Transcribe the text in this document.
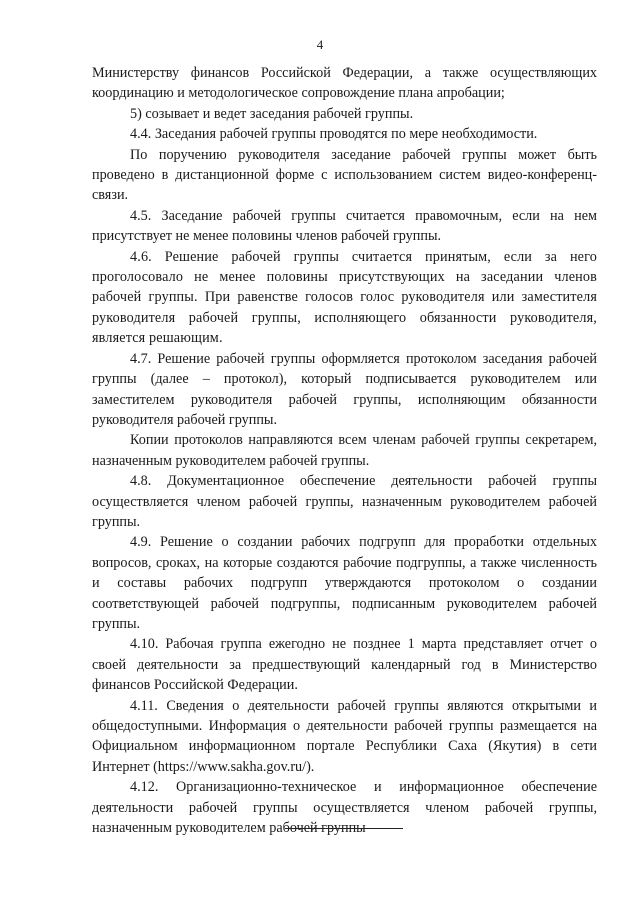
4

Министерству финансов Российской Федерации, а также осуществляющих координацию и методологическое сопровождение плана апробации;

5) созывает и ведет заседания рабочей группы.

4.4. Заседания рабочей группы проводятся по мере необходимости.

По поручению руководителя заседание рабочей группы может быть проведено в дистанционной форме с использованием систем видео-конференц-связи.

4.5. Заседание рабочей группы считается правомочным, если на нем присутствует не менее половины членов рабочей группы.

4.6. Решение рабочей группы считается принятым, если за него проголосовало не менее половины присутствующих на заседании членов рабочей группы. При равенстве голосов голос руководителя или заместителя руководителя рабочей группы, исполняющего обязанности руководителя, является решающим.

4.7. Решение рабочей группы оформляется протоколом заседания рабочей группы (далее – протокол), который подписывается руководителем или заместителем руководителя рабочей группы, исполняющим обязанности руководителя рабочей группы.

Копии протоколов направляются всем членам рабочей группы секретарем, назначенным руководителем рабочей группы.

4.8. Документационное обеспечение деятельности рабочей группы осуществляется членом рабочей группы, назначенным руководителем рабочей группы.

4.9. Решение о создании рабочих подгрупп для проработки отдельных вопросов, сроках, на которые создаются рабочие подгруппы, а также численность и составы рабочих подгрупп утверждаются протоколом о создании соответствующей рабочей подгруппы, подписанным руководителем рабочей группы.

4.10. Рабочая группа ежегодно не позднее 1 марта представляет отчет о своей деятельности за предшествующий календарный год в Министерство финансов Российской Федерации.

4.11. Сведения о деятельности рабочей группы являются открытыми и общедоступными. Информация о деятельности рабочей группы размещается на Официальном информационном портале Республики Саха (Якутия) в сети Интернет (https://www.sakha.gov.ru/).

4.12. Организационно-техническое и информационное обеспечение деятельности рабочей группы осуществляется членом рабочей группы, назначенным руководителем рабочей группы
